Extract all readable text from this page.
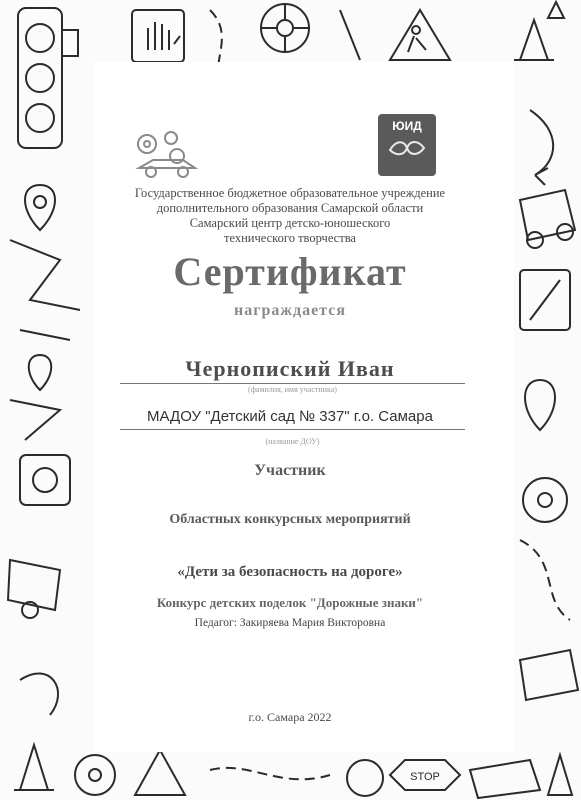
STOP
ЮИД
Государственное бюджетное образовательное учреждение
дополнительного образования Самарской области
Самарский центр детско-юношеского
технического творчества
Сертификат
награждается
Чернопиский Иван
(фамилия, имя участника)
МАДОУ "Детский сад № 337" г.о. Самара
(название ДОУ)
Участник
Областных конкурсных мероприятий
«Дети за безопасность на дороге»
Конкурс детских поделок "Дорожные знаки"
Педагог: Закиряева Мария Викторовна
г.о. Самара 2022
